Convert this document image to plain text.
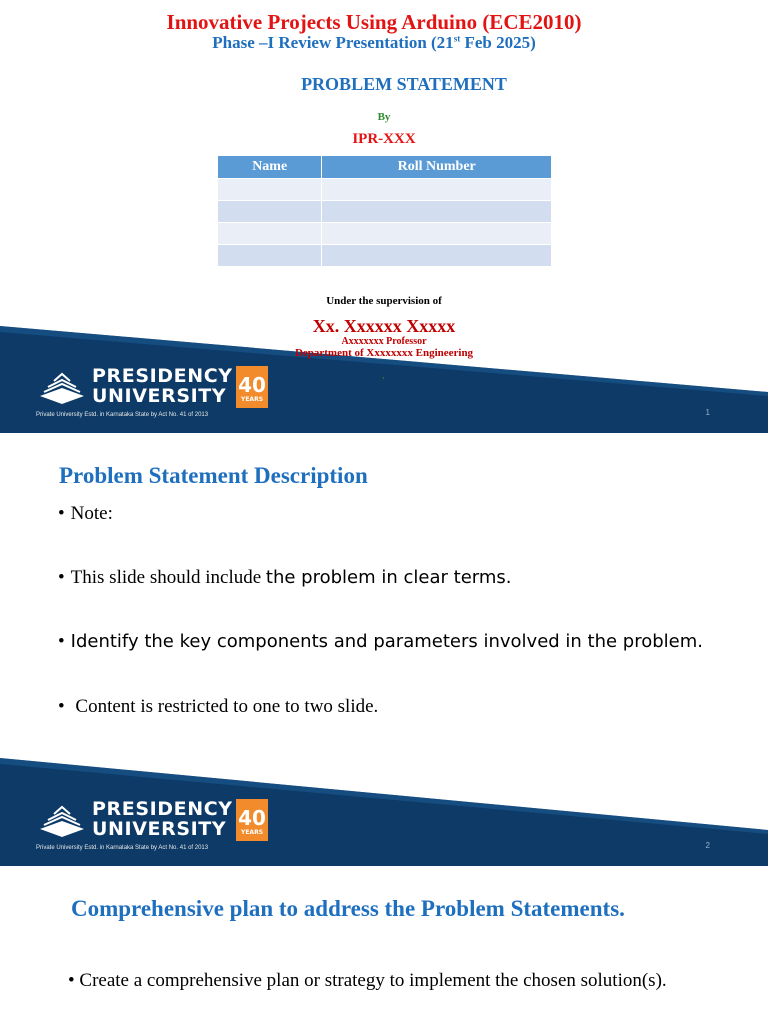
Innovative Projects Using Arduino (ECE2010)
Phase –I Review Presentation (21st Feb 2025)
PROBLEM STATEMENT
By
IPR-XXX
Name	Roll Number

Under the supervision of
Xx. Xxxxxx Xxxxx
Axxxxxxx Professor
Department of Xxxxxxxx Engineering
,
PRESIDENCY
UNIVERSITY
Private University Estd. in Karnataka State by Act No. 41 of 2013
40
YEARS
1
Problem Statement Description
• Note:
• This slide should include the problem in clear terms.
• Identify the key components and parameters involved in the problem.
• Content is restricted to one to two slide.
PRESIDENCY
UNIVERSITY
Private University Estd. in Karnataka State by Act No. 41 of 2013
40
YEARS
2
Comprehensive plan to address the Problem Statements.
• Create a comprehensive plan or strategy to implement the chosen solution(s).
